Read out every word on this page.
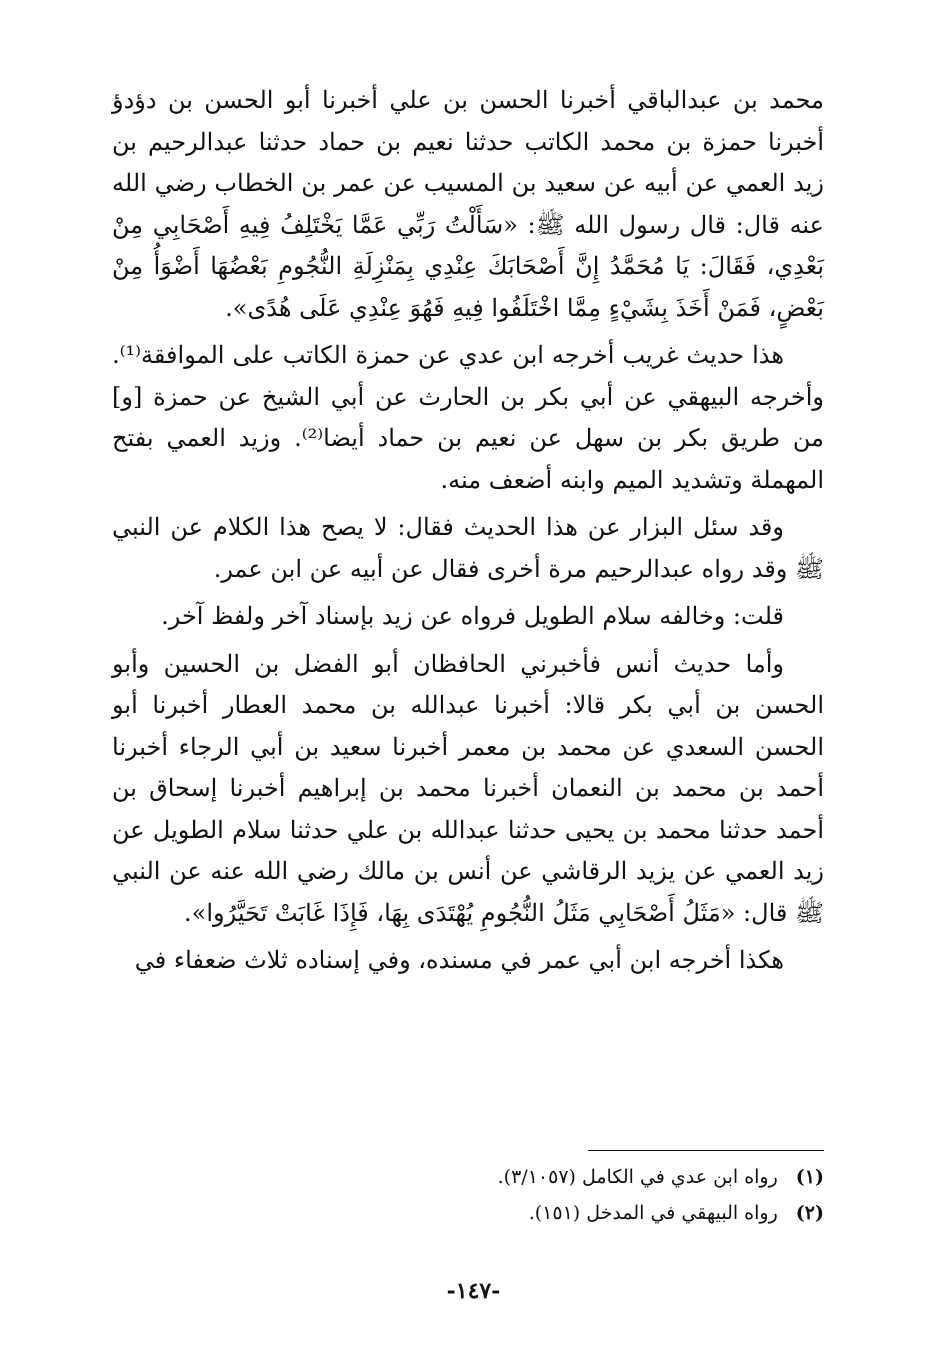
محمد بن عبدالباقي أخبرنا الحسن بن علي أخبرنا أبو الحسن بن دؤدؤ أخبرنا حمزة بن محمد الكاتب حدثنا نعيم بن حماد حدثنا عبدالرحيم بن زيد العمي عن أبيه عن سعيد بن المسيب عن عمر بن الخطاب رضي الله عنه قال: قال رسول الله ﷺ: «سَأَلْتُ رَبِّي عَمَّا يَخْتَلِفُ فِيهِ أَصْحَابِي مِنْ بَعْدِي، فَقَالَ: يَا مُحَمَّدُ إِنَّ أَصْحَابَكَ عِنْدِي بِمَنْزِلَةِ النُّجُومِ بَعْضُهَا أَضْوَأُ مِنْ بَعْضٍ، فَمَنْ أَخَذَ بِشَيْءٍ مِمَّا اخْتَلَفُوا فِيهِ فَهُوَ عِنْدِي عَلَى هُدًى».

هذا حديث غريب أخرجه ابن عدي عن حمزة الكاتب على الموافقة⁽¹⁾. وأخرجه البيهقي عن أبي بكر بن الحارث عن أبي الشيخ عن حمزة [و] من طريق بكر بن سهل عن نعيم بن حماد أيضا⁽²⁾. وزيد العمي بفتح المهملة وتشديد الميم وابنه أضعف منه.

وقد سئل البزار عن هذا الحديث فقال: لا يصح هذا الكلام عن النبي ﷺ وقد رواه عبدالرحيم مرة أخرى فقال عن أبيه عن ابن عمر.

قلت: وخالفه سلام الطويل فرواه عن زيد بإسناد آخر ولفظ آخر.

وأما حديث أنس فأخبرني الحافظان أبو الفضل بن الحسين وأبو الحسن بن أبي بكر قالا: أخبرنا عبدالله بن محمد العطار أخبرنا أبو الحسن السعدي عن محمد بن معمر أخبرنا سعيد بن أبي الرجاء أخبرنا أحمد بن محمد بن النعمان أخبرنا محمد بن إبراهيم أخبرنا إسحاق بن أحمد حدثنا محمد بن يحيى حدثنا عبدالله بن علي حدثنا سلام الطويل عن زيد العمي عن يزيد الرقاشي عن أنس بن مالك رضي الله عنه عن النبي ﷺ قال: «مَثَلُ أَصْحَابِي مَثَلُ النُّجُومِ يُهْتَدَى بِهَا، فَإِذَا غَابَتْ تَحَيَّرُوا».

هكذا أخرجه ابن أبي عمر في مسنده، وفي إسناده ثلاث ضعفاء في

(١)
رواه ابن عدي في الكامل (٣/١٠٥٧).

(٢)
رواه البيهقي في المدخل (١٥١).

-١٤٧-
